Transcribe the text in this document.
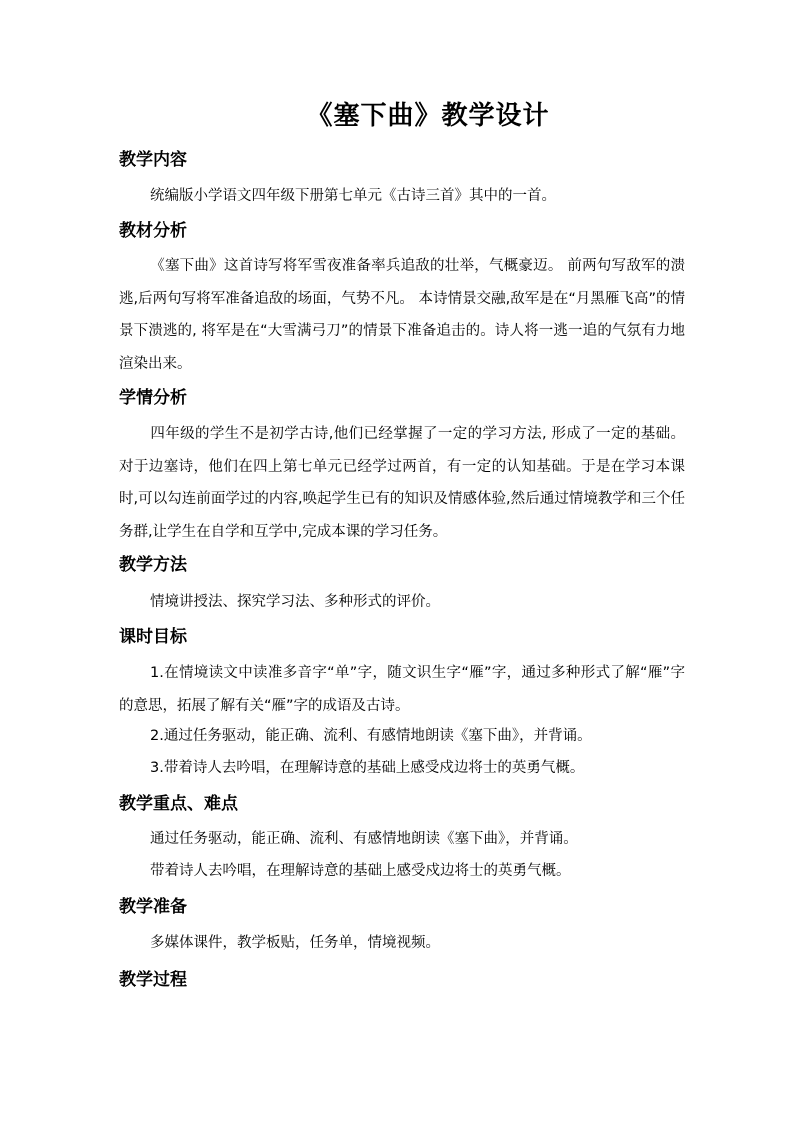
《塞下曲》教学设计
教学内容
统编版小学语文四年级下册第七单元《古诗三首》其中的一首。
教材分析
《塞下曲》这首诗写将军雪夜准备率兵追敌的壮举，气概豪迈。 前两句写敌军的溃逃,后两句写将军准备追敌的场面，气势不凡。 本诗情景交融,敌军是在“月黑雁飞高”的情景下溃逃的, 将军是在“大雪满弓刀”的情景下准备追击的。诗人将一逃一追的气氛有力地渲染出来。
学情分析
四年级的学生不是初学古诗,他们已经掌握了一定的学习方法, 形成了一定的基础。对于边塞诗，他们在四上第七单元已经学过两首，有一定的认知基础。于是在学习本课时,可以勾连前面学过的内容,唤起学生已有的知识及情感体验,然后通过情境教学和三个任务群,让学生在自学和互学中,完成本课的学习任务。
教学方法
情境讲授法、探究学习法、多种形式的评价。
课时目标
1.在情境读文中读准多音字“单”字，随文识生字“雁”字，通过多种形式了解“雁”字的意思，拓展了解有关“雁”字的成语及古诗。
2.通过任务驱动，能正确、流利、有感情地朗读《塞下曲》，并背诵。
3.带着诗人去吟唱，在理解诗意的基础上感受戍边将士的英勇气概。
教学重点、难点
通过任务驱动，能正确、流利、有感情地朗读《塞下曲》，并背诵。
带着诗人去吟唱，在理解诗意的基础上感受戍边将士的英勇气概。
教学准备
多媒体课件，教学板贴，任务单，情境视频。
教学过程
